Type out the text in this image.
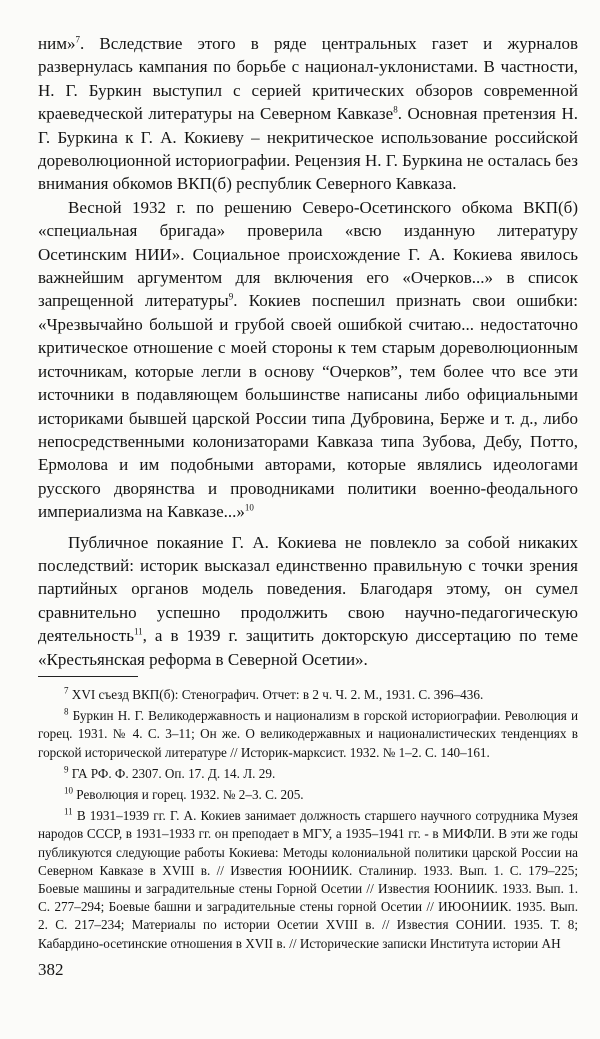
ним»$^7$. Вследствие этого в ряде центральных газет и журналов развернулась кампания по борьбе с национал-уклонистами. В частности, Н. Г. Буркин выступил с серией критических обзоров современной краеведческой литературы на Северном Кавказе$^8$. Основная претензия Н. Г. Буркина к Г. А. Кокиеву – некритическое использование российской дореволюционной историографии. Рецензия Н. Г. Буркина не осталась без внимания обкомов ВКП(б) республик Северного Кавказа.

Весной 1932 г. по решению Северо-Осетинского обкома ВКП(б) «специальная бригада» проверила «всю изданную литературу Осетинским НИИ». Социальное происхождение Г. А. Кокиева явилось важнейшим аргументом для включения его «Очерков...» в список запрещенной литературы$^9$. Кокиев поспешил признать свои ошибки: «Чрезвычайно большой и грубой своей ошибкой считаю... недостаточно критическое отношение с моей стороны к тем старым дореволюционным источникам, которые легли в основу “Очерков”, тем более что все эти источники в подавляющем большинстве написаны либо официальными историками бывшей царской России типа Дубровина, Берже и т. д., либо непосредственными колонизаторами Кавказа типа Зубова, Дебу, Потто, Ермолова и им подобными авторами, которые являлись идеологами русского дворянства и проводниками политики военно-феодального империализма на Кавказе...»$^{10}$

Публичное покаяние Г. А. Кокиева не повлекло за собой никаких последствий: историк высказал единственно правильную с точки зрения партийных органов модель поведения. Благодаря этому, он сумел сравнительно успешно продолжить свою научно-педагогическую деятельность$^{11}$, а в 1939 г. защитить докторскую диссертацию по теме «Крестьянская реформа в Северной Осетии».

$^7$ XVI съезд ВКП(б): Стенографич. Отчет: в 2 ч. Ч. 2. М., 1931. С. 396–436.

$^8$ Буркин Н. Г. Великодержавность и национализм в горской историографии. Революция и горец. 1931. № 4. С. 3–11; Он же. О великодержавных и националистических тенденциях в горской исторической литературе // Историк-марксист. 1932. № 1–2. С. 140–161.

$^9$ ГА РФ. Ф. 2307. Оп. 17. Д. 14. Л. 29.

$^{10}$ Революция и горец. 1932. № 2–3. С. 205.

$^{11}$ В 1931–1939 гг. Г. А. Кокиев занимает должность старшего научного сотрудника Музея народов СССР, в 1931–1933 гг. он преподает в МГУ, а 1935–1941 гг. - в МИФЛИ. В эти же годы публикуются следующие работы Кокиева: Методы колониальной политики царской России на Северном Кавказе в XVIII в. // Известия ЮОНИИК. Сталинир. 1933. Вып. 1. С. 179–225; Боевые машины и заградительные стены Горной Осетии // Известия ЮОНИИК. 1933. Вып. 1. С. 277–294; Боевые башни и заградительные стены горной Осетии // ИЮОНИИК. 1935. Вып. 2. С. 217–234; Материалы по истории Осетии XVIII в. // Известия СОНИИ. 1935. Т. 8; Кабардино-осетинские отношения в XVII в. // Исторические записки Института истории АН

382
